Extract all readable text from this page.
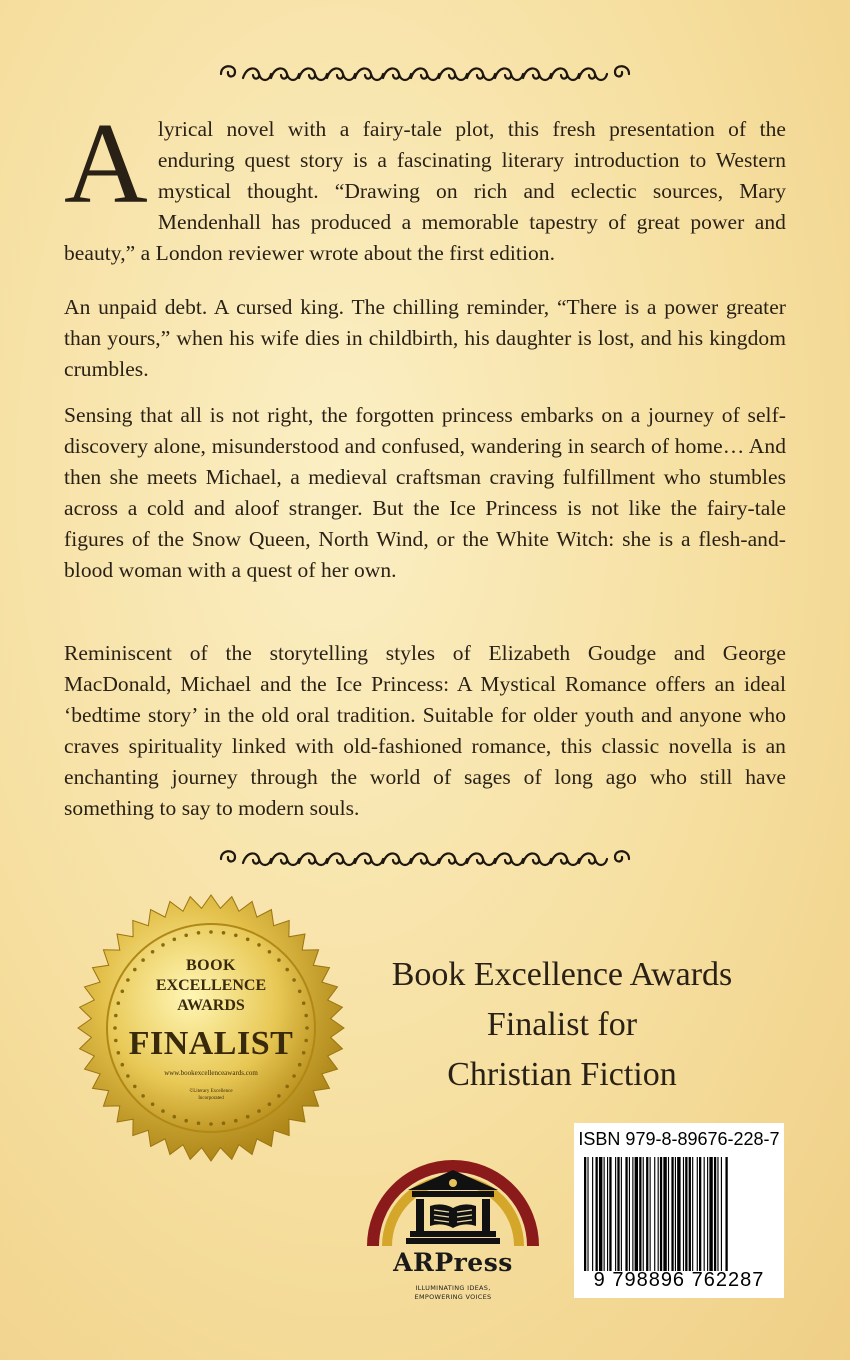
Alyrical novel with a fairy-tale plot, this fresh presentation of the enduring quest story is a fascinating literary introduction to Western mystical thought. “Drawing on rich and eclectic sources, Mary Mendenhall has produced a memorable tapestry of great power and beauty,” a London reviewer wrote about the first edition.
An unpaid debt. A cursed king. The chilling reminder, “There is a power greater than yours,” when his wife dies in childbirth, his daughter is lost, and his kingdom crumbles.
Sensing that all is not right, the forgotten princess embarks on a journey of self-discovery alone, misunderstood and confused, wandering in search of home… And then she meets Michael, a medieval craftsman craving fulfillment who stumbles across a cold and aloof stranger. But the Ice Princess is not like the fairy-tale figures of the Snow Queen, North Wind, or the White Witch: she is a flesh-and-blood woman with a quest of her own.
Reminiscent of the storytelling styles of Elizabeth Goudge and George MacDonald, Michael and the Ice Princess: A Mystical Romance offers an ideal ‘bedtime story’ in the old oral tradition. Suitable for older youth and anyone who craves spirituality linked with old-fashioned romance, this classic novella is an enchanting journey through the world of sages of long ago who still have something to say to modern souls.
BOOK
EXCELLENCE
AWARDS
FINALIST
www.bookexcellenceawards.com
©Literary Excellence
Incorporated
Book Excellence Awards
Finalist for
Christian Fiction
ARPress
ILLUMINATING IDEAS,
EMPOWERING VOICES
ISBN 979-8-89676-228-7
9 798896 762287
